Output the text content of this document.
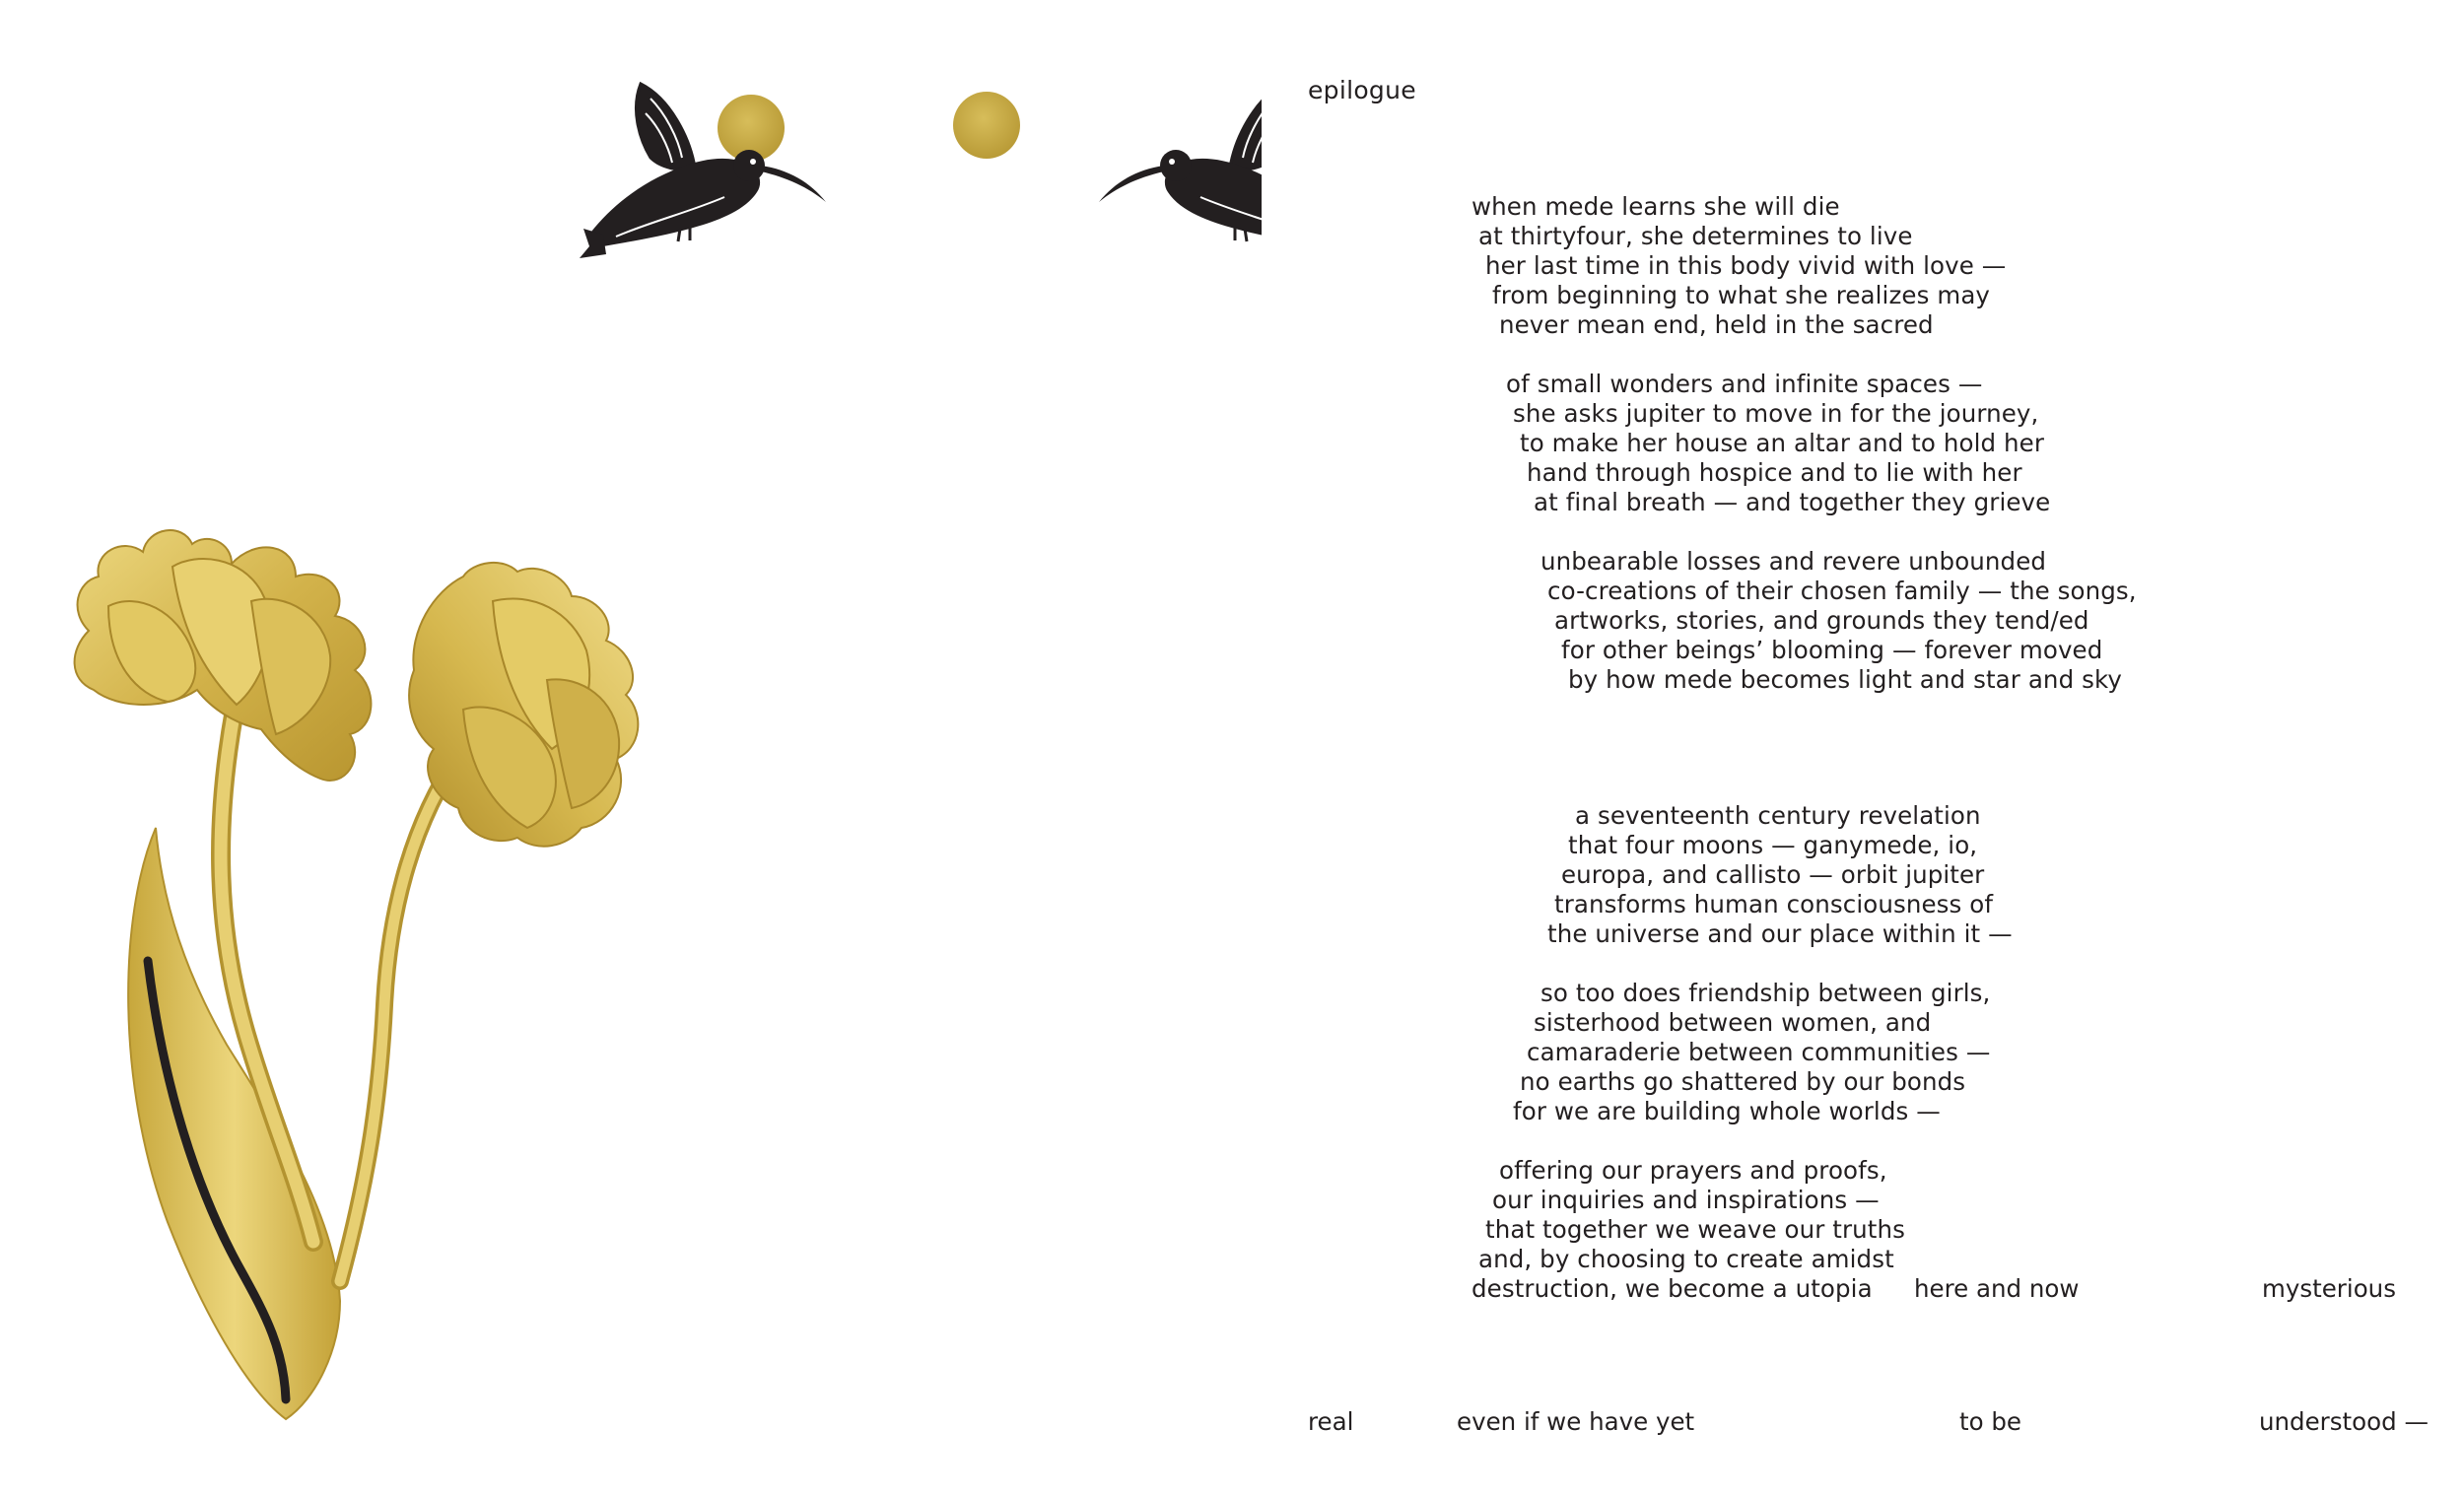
epilogue
when mede learns she will die
at thirtyfour, she determines to live
her last time in this body vivid with love —
from beginning to what she realizes may
never mean end, held in the sacred
of small wonders and infinite spaces —
she asks jupiter to move in for the journey,
to make her house an altar and to hold her
hand through hospice and to lie with her
at final breath — and together they grieve
unbearable losses and revere unbounded
co-creations of their chosen family — the songs,
artworks, stories, and grounds they tend/ed
for other beings’ blooming — forever moved
by how mede becomes light and star and sky
a seventeenth century revelation
that four moons — ganymede, io,
europa, and callisto — orbit jupiter
transforms human consciousness of
the universe and our place within it —
so too does friendship between girls,
sisterhood between women, and
camaraderie between communities —
no earths go shattered by our bonds
for we are building whole worlds —
offering our prayers and proofs,
our inquiries and inspirations —
that together we weave our truths
and, by choosing to create amidst
destruction, we become a utopia here and now	mysterious
real	even if we have yet	to be	understood —
